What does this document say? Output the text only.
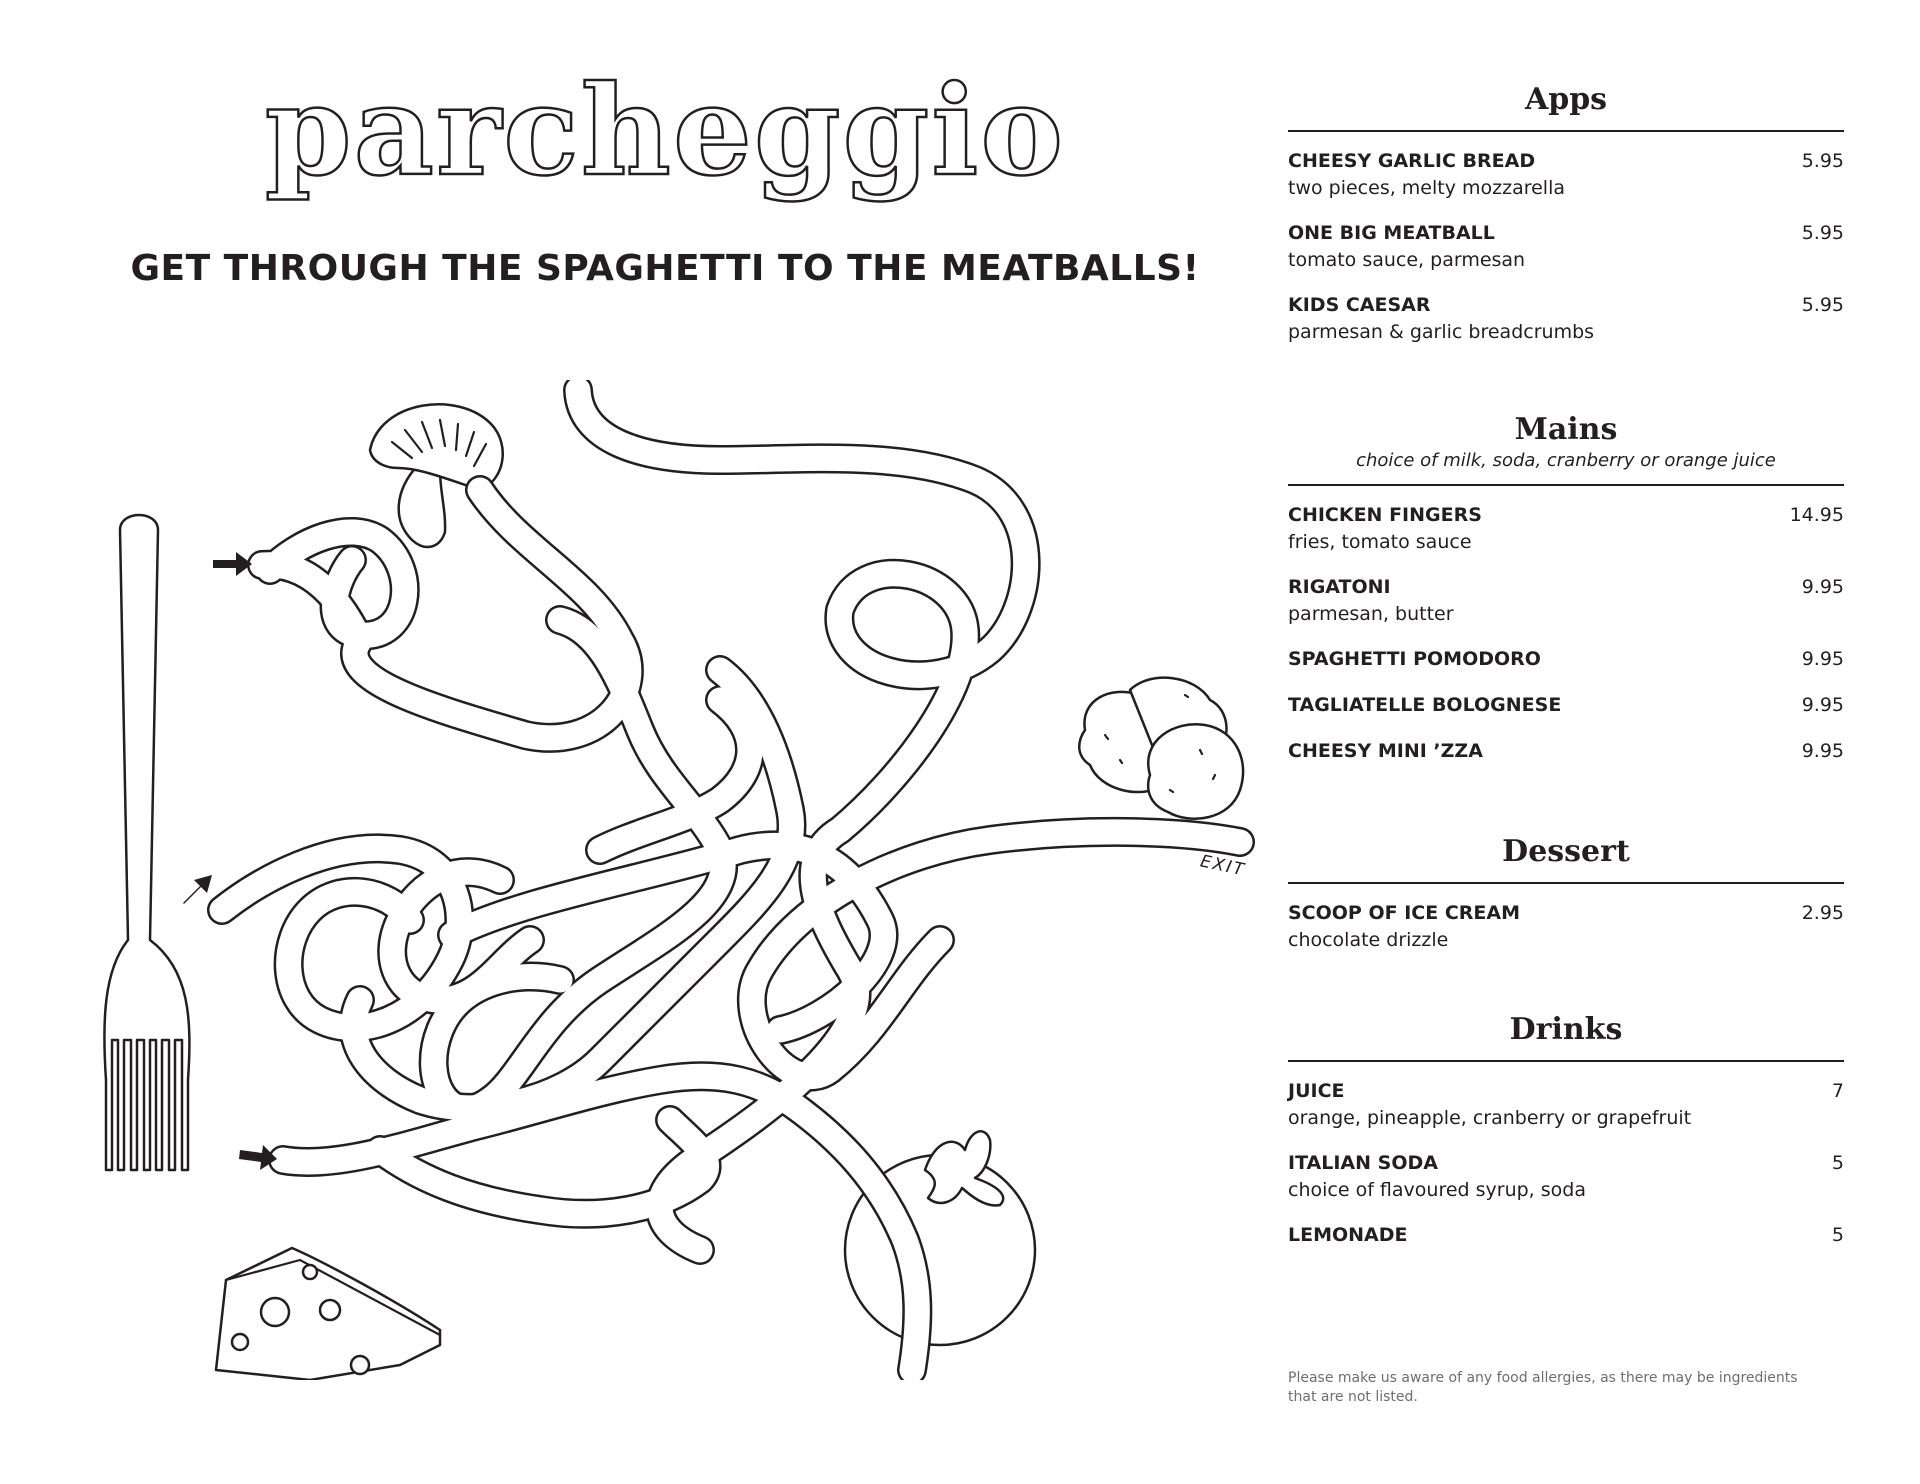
parcheggio
GET THROUGH THE SPAGHETTI TO THE MEATBALLS!
EXIT
Apps
CHEESY GARLIC BREAD	5.95
two pieces, melty mozzarella
ONE BIG MEATBALL	5.95
tomato sauce, parmesan
KIDS CAESAR	5.95
parmesan & garlic breadcrumbs
Mains
choice of milk, soda, cranberry or orange juice
CHICKEN FINGERS	14.95
fries, tomato sauce
RIGATONI	9.95
parmesan, butter
SPAGHETTI POMODORO	9.95
TAGLIATELLE BOLOGNESE	9.95
CHEESY MINI ’ZZA	9.95
Dessert
SCOOP OF ICE CREAM	2.95
chocolate drizzle
Drinks
JUICE	7
orange, pineapple, cranberry or grapefruit
ITALIAN SODA	5
choice of flavoured syrup, soda
LEMONADE	5
Please make us aware of any food allergies, as there may be ingredients that are not listed.
